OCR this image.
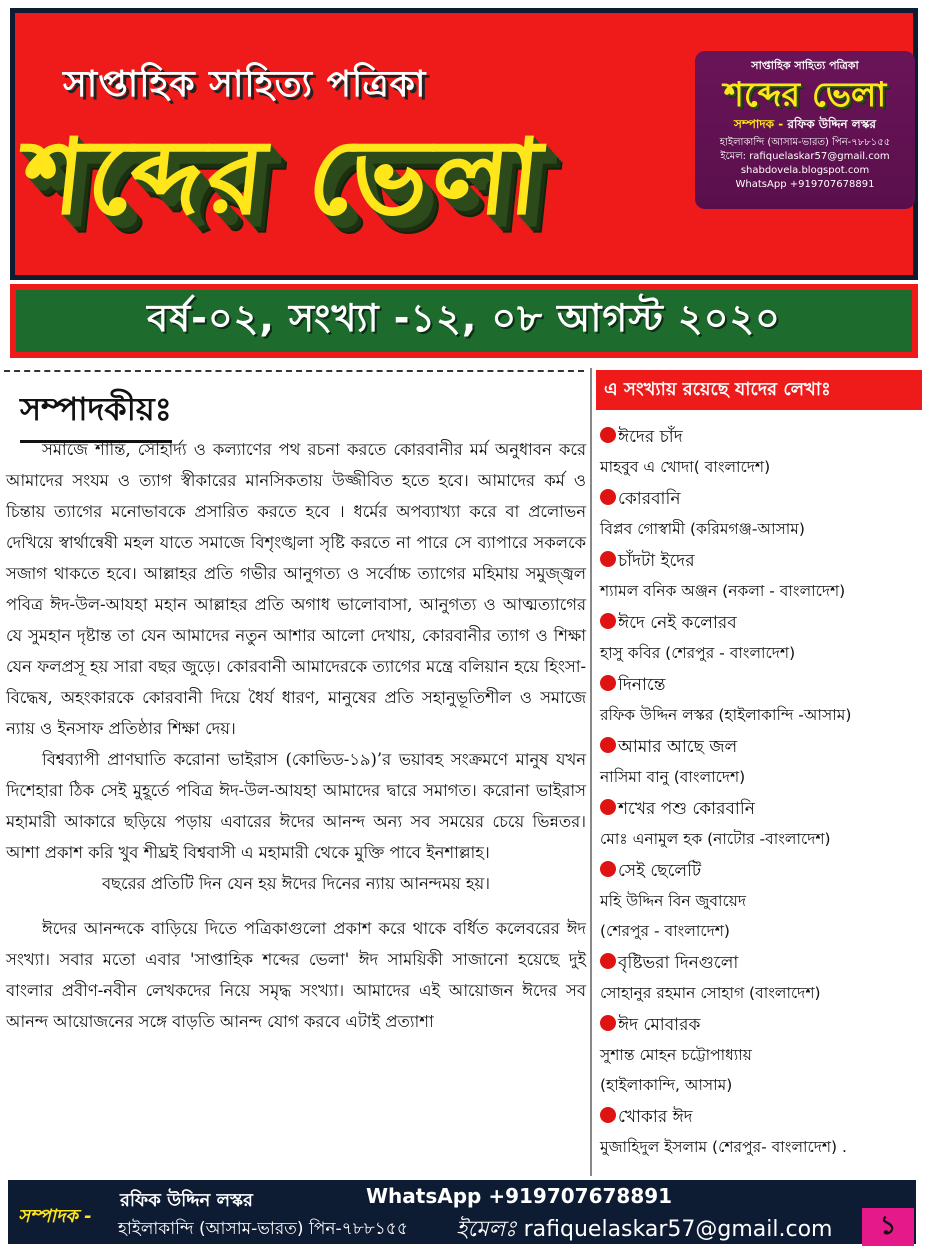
সাপ্তাহিক সাহিত্য পত্রিকা
শব্দের ভেলা
সাপ্তাহিক সাহিত্য পত্রিকা
শব্দের ভেলা
সম্পাদক - রফিক উদ্দিন লস্কর
হাইলাকান্দি (আসাম-ভারত) পিন-৭৮৮১৫৫
ইমেল: rafiquelaskar57@gmail.com
shabdovela.blogspot.com
WhatsApp +919707678891
বর্ষ-০২, সংখ্যা -১২, ০৮ আগস্ট ২০২০
সম্পাদকীয়ঃ

সমাজে শান্তি, সৌহার্দ্য ও কল্যাণের পথ রচনা করতে কোরবানীর মর্ম অনুধাবন করে আমাদের সংযম ও ত্যাগ স্বীকারের মানসিকতায় উজ্জীবিত হতে হবে। আমাদের কর্ম ও চিন্তায় ত্যাগের মনোভাবকে প্রসারিত করতে হবে । ধর্মের অপব্যাখ্যা করে বা প্রলোভন দেখিয়ে স্বার্থান্বেষী মহল যাতে সমাজে বিশৃংঙ্খলা সৃষ্টি করতে না পারে সে ব্যাপারে সকলকে সজাগ থাকতে হবে। আল্লাহর প্রতি গভীর আনুগত্য ও সর্বোচ্চ ত্যাগের মহিমায় সমুজ্জ্বল পবিত্র ঈদ-উল-আযহা মহান আল্লাহর প্রতি অগাধ ভালোবাসা, আনুগত্য ও আত্মত্যাগের যে সুমহান দৃষ্টান্ত তা যেন আমাদের নতুন আশার আলো দেখায়, কোরবানীর ত্যাগ ও শিক্ষা যেন ফলপ্রসূ হয় সারা বছর জুড়ে। কোরবানী আমাদেরকে ত্যাগের মন্ত্রে বলিয়ান হয়ে হিংসা-বিদ্ধেষ, অহংকারকে কোরবানী দিয়ে ধৈর্য ধারণ, মানুষের প্রতি সহানুভূতিশীল ও সমাজে ন্যায় ও ইনসাফ প্রতিষ্ঠার শিক্ষা দেয়।

বিশ্বব্যাপী প্রাণঘাতি করোনা ভাইরাস (কোভিড-১৯)’র ভয়াবহ সংক্রমণে মানুষ যখন দিশেহারা ঠিক সেই মুহূর্তে পবিত্র ঈদ-উল-আযহা আমাদের দ্বারে সমাগত। করোনা ভাইরাস মহামারী আকারে ছড়িয়ে পড়ায় এবারের ঈদের আনন্দ অন্য সব সময়ের চেয়ে ভিন্নতর। আশা প্রকাশ করি খুব শীঘ্রই বিশ্ববাসী এ মহামারী থেকে মুক্তি পাবে ইনশাল্লাহ।

বছরের প্রতিটি দিন যেন হয় ঈদের দিনের ন্যায় আনন্দময় হয়।

ঈদের আনন্দকে বাড়িয়ে দিতে পত্রিকাগুলো প্রকাশ করে থাকে বর্ধিত কলেবরের ঈদ সংখ্যা। সবার মতো এবার 'সাপ্তাহিক শব্দের ভেলা' ঈদ সাময়িকী সাজানো হয়েছে দুই বাংলার প্রবীণ-নবীন লেখকদের নিয়ে সমৃদ্ধ সংখ্যা। আমাদের এই আয়োজন ঈদের সব আনন্দ আয়োজনের সঙ্গে বাড়তি আনন্দ যোগ করবে এটাই প্রত্যাশা

এ সংখ্যায় রয়েছে যাদের লেখাঃ
ঈদের চাঁদ
মাহবুব এ খোদা( বাংলাদেশ)
কোরবানি
বিপ্লব গোস্বামী (করিমগঞ্জ-আসাম)
চাঁদটা ইদের
শ্যামল বনিক অঞ্জন (নকলা - বাংলাদেশ)
ঈদে নেই কলোরব
হাসু কবির (শেরপুর - বাংলাদেশ)
দিনান্তে
রফিক উদ্দিন লস্কর (হাইলাকান্দি -আসাম)
আমার আছে জল
নাসিমা বানু (বাংলাদেশ)
শখের পশু কোরবানি
মোঃ এনামুল হক (নাটোর -বাংলাদেশ)
সেই ছেলেটি
মহি উদ্দিন বিন জুবায়েদ
(শেরপুর - বাংলাদেশ)
বৃষ্টিভরা দিনগুলো
সোহানুর রহমান সোহাগ (বাংলাদেশ)
ঈদ মোবারক
সুশান্ত মোহন চট্টোপাধ্যায়
(হাইলাকান্দি, আসাম)
খোকার ঈদ
মুজাহিদুল ইসলাম (শেরপুর- বাংলাদেশ) .
সম্পাদক -
রফিক উদ্দিন লস্কর
হাইলাকান্দি (আসাম-ভারত) পিন-৭৮৮১৫৫
WhatsApp +919707678891
ইমেলঃ rafiquelaskar57@gmail.com	১
